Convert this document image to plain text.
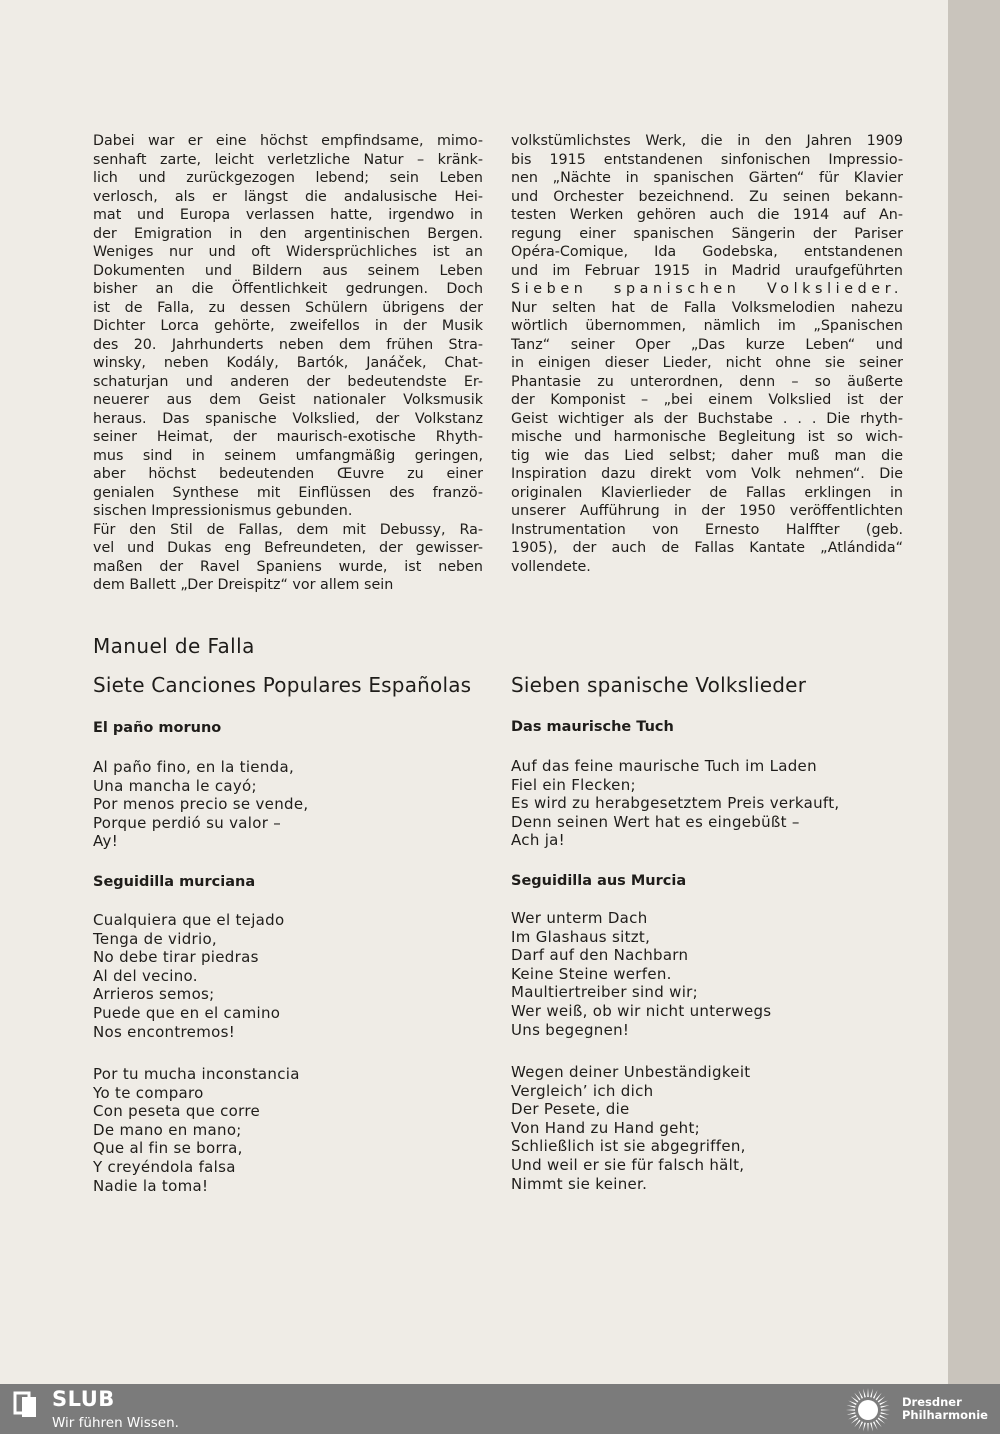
Dabei war er eine höchst empfindsame, mimo-
senhaft zarte, leicht verletzliche Natur – kränk-
lich und zurückgezogen lebend; sein Leben
verlosch, als er längst die andalusische Hei-
mat und Europa verlassen hatte, irgendwo in
der Emigration in den argentinischen Bergen.
Weniges nur und oft Widersprüchliches ist an
Dokumenten und Bildern aus seinem Leben
bisher an die Öffentlichkeit gedrungen. Doch
ist de Falla, zu dessen Schülern übrigens der
Dichter Lorca gehörte, zweifellos in der Musik
des 20. Jahrhunderts neben dem frühen Stra-
winsky, neben Kodály, Bartók, Janáček, Chat-
schaturjan und anderen der bedeutendste Er-
neuerer aus dem Geist nationaler Volksmusik
heraus. Das spanische Volkslied, der Volkstanz
seiner Heimat, der maurisch-exotische Rhyth-
mus sind in seinem umfangmäßig geringen,
aber höchst bedeutenden Œuvre zu einer
genialen Synthese mit Einflüssen des franzö-
sischen Impressionismus gebunden.
Für den Stil de Fallas, dem mit Debussy, Ra-
vel und Dukas eng Befreundeten, der gewisser-
maßen der Ravel Spaniens wurde, ist neben
dem Ballett „Der Dreispitz“ vor allem sein
volkstümlichstes Werk, die in den Jahren 1909
bis 1915 entstandenen sinfonischen Impressio-
nen „Nächte in spanischen Gärten“ für Klavier
und Orchester bezeichnend. Zu seinen bekann-
testen Werken gehören auch die 1914 auf An-
regung einer spanischen Sängerin der Pariser
Opéra-Comique, Ida Godebska, entstandenen
und im Februar 1915 in Madrid uraufgeführten
Sieben spanischen Volkslieder.
Nur selten hat de Falla Volksmelodien nahezu
wörtlich übernommen, nämlich im „Spanischen
Tanz“ seiner Oper „Das kurze Leben“ und
in einigen dieser Lieder, nicht ohne sie seiner
Phantasie zu unterordnen, denn – so äußerte
der Komponist – „bei einem Volkslied ist der
Geist wichtiger als der Buchstabe . . . Die rhyth-
mische und harmonische Begleitung ist so wich-
tig wie das Lied selbst; daher muß man die
Inspiration dazu direkt vom Volk nehmen“. Die
originalen Klavierlieder de Fallas erklingen in
unserer Aufführung in der 1950 veröffentlichten
Instrumentation von Ernesto Halffter (geb.
1905), der auch de Fallas Kantate „Atlándida“
vollendete.
Manuel de Falla
Siete Canciones Populares Españolas Sieben spanische Volkslieder
El paño moruno
Al paño fino, en la tienda,
Una mancha le cayó;
Por menos precio se vende,
Porque perdió su valor –
Ay!
Seguidilla murciana
Cualquiera que el tejado
Tenga de vidrio,
No debe tirar piedras
Al del vecino.
Arrieros semos;
Puede que en el camino
Nos encontremos!
Por tu mucha inconstancia
Yo te comparo
Con peseta que corre
De mano en mano;
Que al fin se borra,
Y creyéndola falsa
Nadie la toma!
Das maurische Tuch
Auf das feine maurische Tuch im Laden
Fiel ein Flecken;
Es wird zu herabgesetztem Preis verkauft,
Denn seinen Wert hat es eingebüßt –
Ach ja!
Seguidilla aus Murcia
Wer unterm Dach
Im Glashaus sitzt,
Darf auf den Nachbarn
Keine Steine werfen.
Maultiertreiber sind wir;
Wer weiß, ob wir nicht unterwegs
Uns begegnen!
Wegen deiner Unbeständigkeit
Vergleich’ ich dich
Der Pesete, die
Von Hand zu Hand geht;
Schließlich ist sie abgegriffen,
Und weil er sie für falsch hält,
Nimmt sie keiner.
SLUB
Wir führen Wissen.
Dresdner
Philharmonie
